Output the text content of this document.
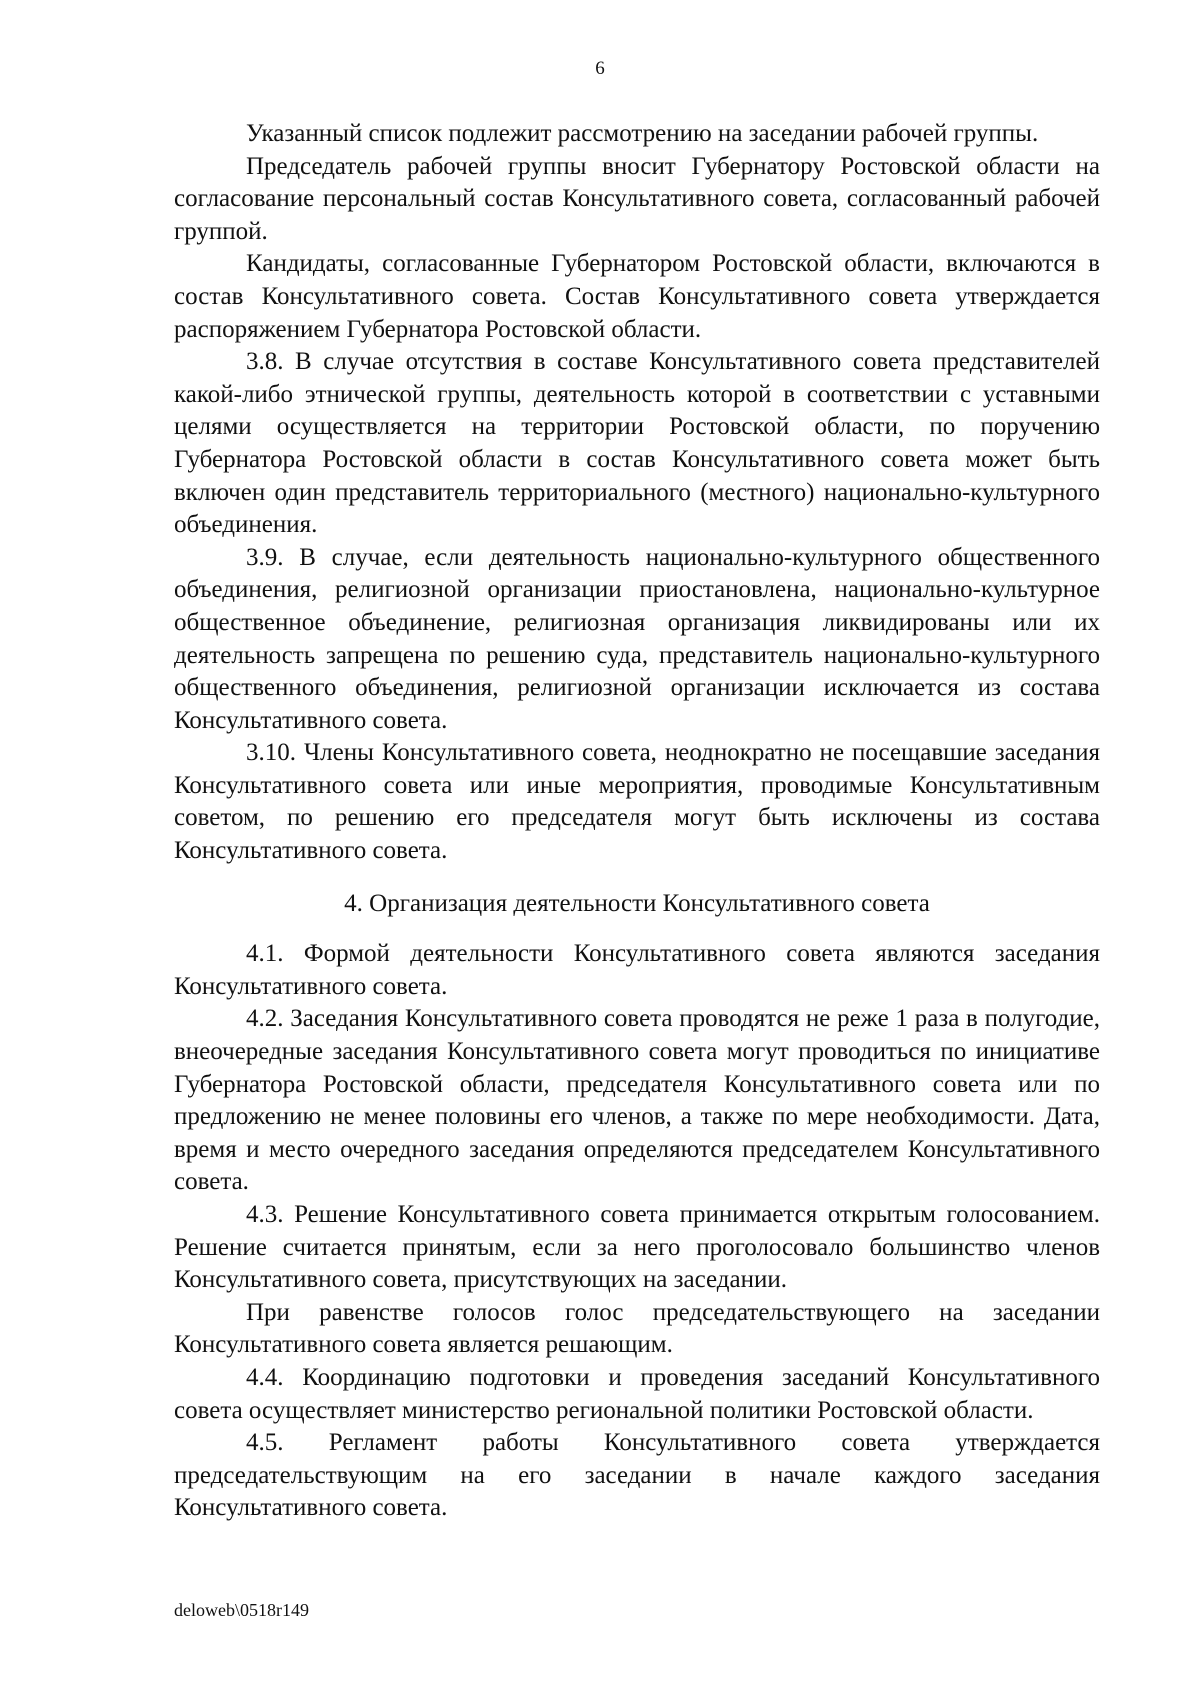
6

Указанный список подлежит рассмотрению на заседании рабочей группы.

Председатель рабочей группы вносит Губернатору Ростовской области на согласование персональный состав Консультативного совета, согласованный рабочей группой.

Кандидаты, согласованные Губернатором Ростовской области, включаются в состав Консультативного совета. Состав Консультативного совета утверждается распоряжением Губернатора Ростовской области.

3.8. В случае отсутствия в составе Консультативного совета представителей какой-либо этнической группы, деятельность которой в соответствии с уставными целями осуществляется на территории Ростовской области, по поручению Губернатора Ростовской области в состав Консультативного совета может быть включен один представитель территориального (местного) национально-культурного объединения.

3.9. В случае, если деятельность национально-культурного общественного объединения, религиозной организации приостановлена, национально-культурное общественное объединение, религиозная организация ликвидированы или их деятельность запрещена по решению суда, представитель национально-культурного общественного объединения, религиозной организации исключается из состава Консультативного совета.

3.10. Члены Консультативного совета, неоднократно не посещавшие заседания Консультативного совета или иные мероприятия, проводимые Консультативным советом, по решению его председателя могут быть исключены из состава Консультативного совета.

4. Организация деятельности Консультативного совета

4.1. Формой деятельности Консультативного совета являются заседания Консультативного совета.

4.2. Заседания Консультативного совета проводятся не реже 1 раза в полугодие, внеочередные заседания Консультативного совета могут проводиться по инициативе Губернатора Ростовской области, председателя Консультативного совета или по предложению не менее половины его членов, а также по мере необходимости. Дата, время и место очередного заседания определяются председателем Консультативного совета.

4.3. Решение Консультативного совета принимается открытым голосованием. Решение считается принятым, если за него проголосовало большинство членов Консультативного совета, присутствующих на заседании.

При равенстве голосов голос председательствующего на заседании Консультативного совета является решающим.

4.4. Координацию подготовки и проведения заседаний Консультативного совета осуществляет министерство региональной политики Ростовской области.

4.5. Регламент работы Консультативного совета утверждается председательствующим на его заседании в начале каждого заседания Консультативного совета.

deloweb\0518r149
